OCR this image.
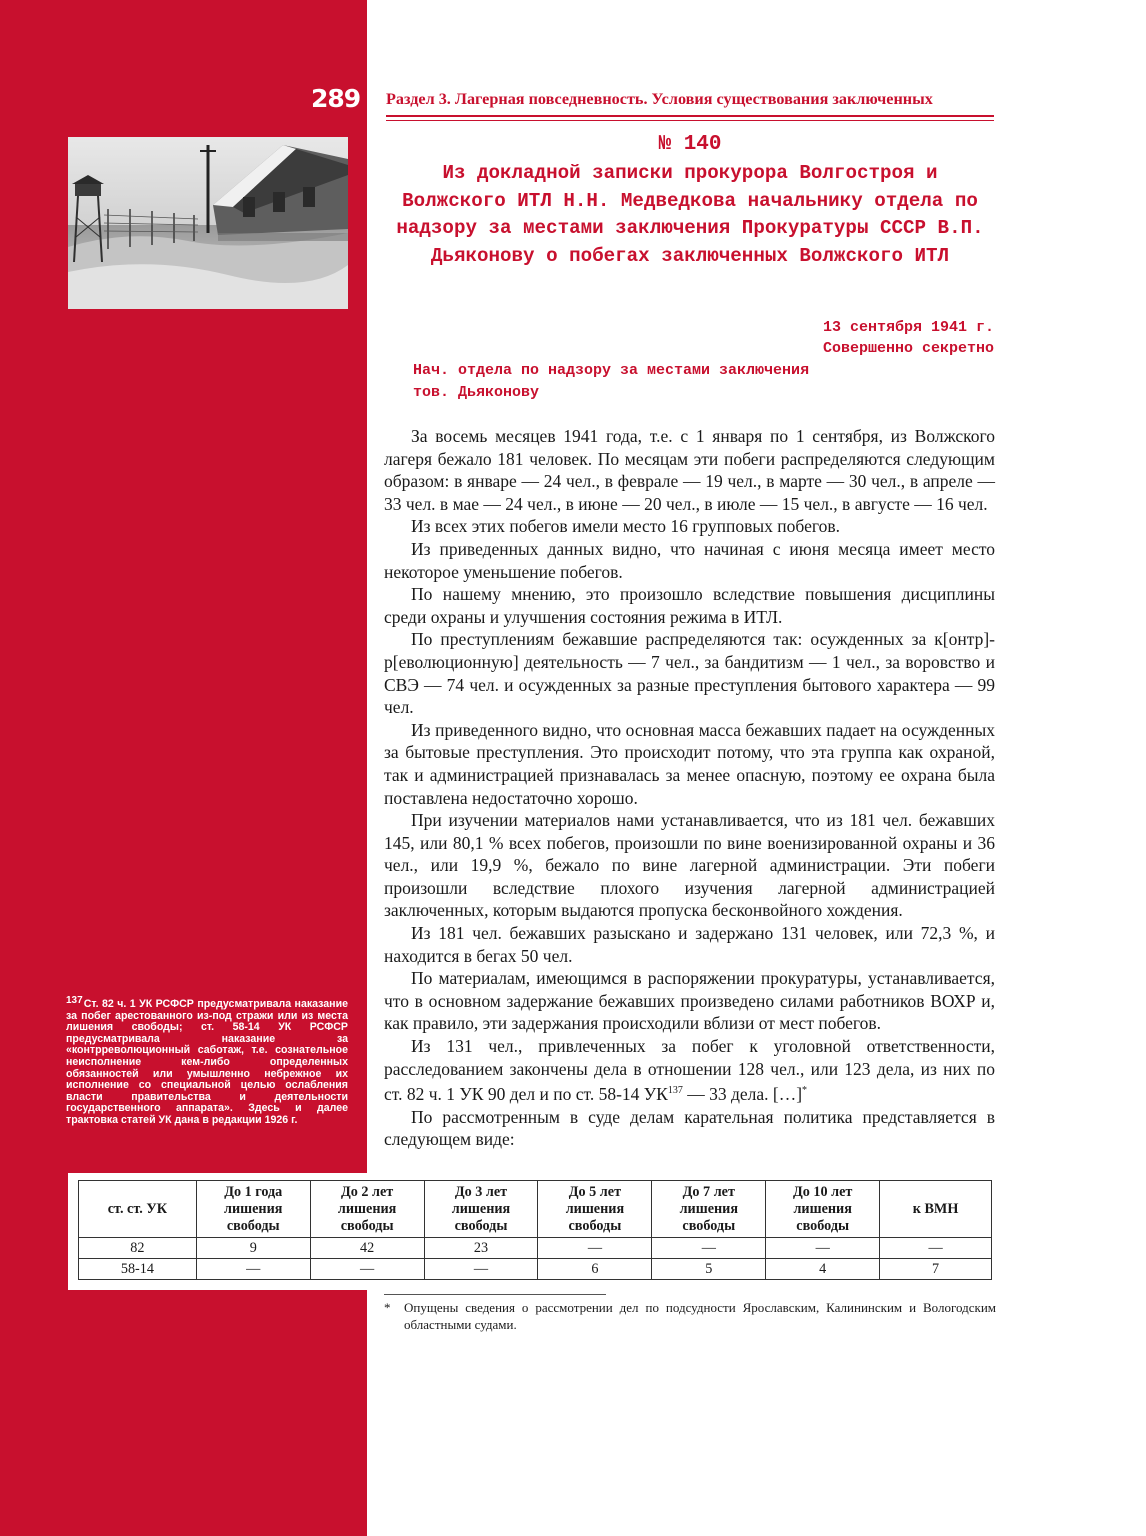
289
$^{137}$Ст. 82 ч. 1 УК РСФСР предусматривала наказание за побег арестованного из-под стражи или из места лишения свободы; ст. 58-14 УК РСФСР предусматривала наказание за «контрреволюционный саботаж, т.е. сознательное неисполнение кем-либо определенных обязанностей или умышленно небрежное их исполнение со специальной целью ослабления власти правительства и деятельности государственного аппарата». Здесь и далее трактовка статей УК дана в редакции 1926 г.
Раздел 3. Лагерная повседневность. Условия существования заключенных
№ 140
Из докладной записки прокурора Волгостроя и Волжского ИТЛ Н.Н. Медведкова начальнику отдела по надзору за местами заключения Прокуратуры СССР В.П. Дьяконову о побегах заключенных Волжского ИТЛ
13 сентября 1941 г.
Совершенно секретно
Нач. отдела по надзору за местами заключения
тов. Дьяконову

За восемь месяцев 1941 года, т.е. с 1 января по 1 сентября, из Волжского лагеря бежало 181 человек. По месяцам эти побеги распределяются следующим образом: в январе — 24 чел., в феврале — 19 чел., в марте — 30 чел., в апреле — 33 чел. в мае — 24 чел., в июне — 20 чел., в июле — 15 чел., в августе — 16 чел.

Из всех этих побегов имели место 16 групповых побегов.

Из приведенных данных видно, что начиная с июня месяца имеет место некоторое уменьшение побегов.

По нашему мнению, это произошло вследствие повышения дисциплины среди охраны и улучшения состояния режима в ИТЛ.

По преступлениям бежавшие распределяются так: осужденных за к[онтр]-р[еволюционную] деятельность — 7 чел., за бандитизм — 1 чел., за воровство и СВЭ — 74 чел. и осужденных за разные преступления бытового характера — 99 чел.

Из приведенного видно, что основная масса бежавших падает на осужденных за бытовые преступления. Это происходит потому, что эта группа как охраной, так и администрацией признавалась за менее опасную, поэтому ее охрана была поставлена недостаточно хорошо.

При изучении материалов нами устанавливается, что из 181 чел. бежавших 145, или 80,1 % всех побегов, произошли по вине военизированной охраны и 36 чел., или 19,9 %, бежало по вине лагерной администрации. Эти побеги произошли вследствие плохого изучения лагерной администрацией заключенных, которым выдаются пропуска бесконвойного хождения.

Из 181 чел. бежавших разыскано и задержано 131 человек, или 72,3 %, и находится в бегах 50 чел.

По материалам, имеющимся в распоряжении прокуратуры, устанавливается, что в основном задержание бежавших произведено силами работников ВОХР и, как правило, эти задержания происходили вблизи от мест побегов.

Из 131 чел., привлеченных за побег к уголовной ответственности, расследованием закончены дела в отношении 128 чел., или 123 дела, из них по ст. 82 ч. 1 УК 90 дел и по ст. 58-14 УК$^{137}$ — 33 дела. […]*

По рассмотренным в суде делам карательная политика представляется в следующем виде:

ст. ст. УК	До 1 года лишения свободы	До 2 лет лишения свободы	До 3 лет лишения свободы	До 5 лет лишения свободы	До 7 лет лишения свободы	До 10 лет лишения свободы	к ВМН
82	9	42	23	—	—	—	—
58-14	—	—	—	6	5	4	7
* Опущены сведения о рассмотрении дел по подсудности Ярославским, Калининским и Вологодским областными судами.
